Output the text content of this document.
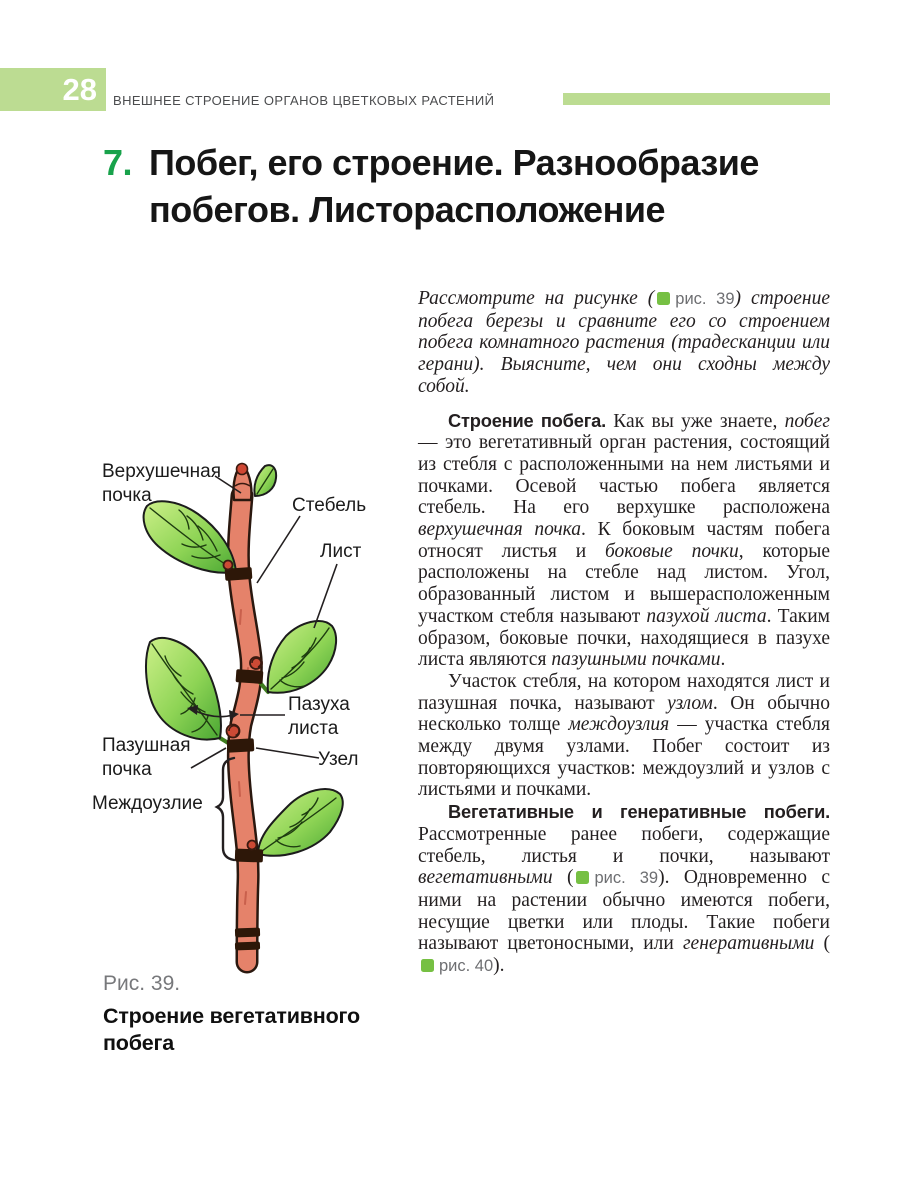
28	ВНЕШНЕЕ СТРОЕНИЕ ОРГАНОВ ЦВЕТКОВЫХ РАСТЕНИЙ
7. Побег, его строение. Разнообразие побегов. Листорасположение
Верхушечная
почка	Стебель
Лист
Пазуха
листа
Узел
Пазушная
почка
Междоузлие
Рис. 39.
Строение вегетативного побега

Рассмотрите на рисунке ( рис. 39) строение побега березы и сравните его со строением побега комнатного растения (традесканции или герани). Выясните, чем они сходны между собой.

Строение побега. Как вы уже знаете, побег — это вегетативный орган растения, состоящий из стебля с расположенными на нем листьями и почками. Осевой частью побега является стебель. На его верхушке расположена верхушечная почка. К боковым частям побега относят листья и боковые почки, которые расположены на стебле над листом. Угол, образованный листом и вышерасположенным участком стебля называют пазухой листа. Таким образом, боковые почки, находящиеся в пазухе листа являются пазушными почками.

Участок стебля, на котором находятся лист и пазушная почка, называют узлом. Он обычно несколько толще междоузлия — участка стебля между двумя узлами. Побег состоит из повторяющихся участков: междоузлий и узлов с листьями и почками.

Вегетативные и генеративные побеги. Рассмотренные ранее побеги, содержащие стебель, листья и почки, называют вегетативными ( рис. 39). Одновременно с ними на растении обычно имеются побеги, несущие цветки или плоды. Такие побеги называют цветоносными, или генеративными (рис. 40).
